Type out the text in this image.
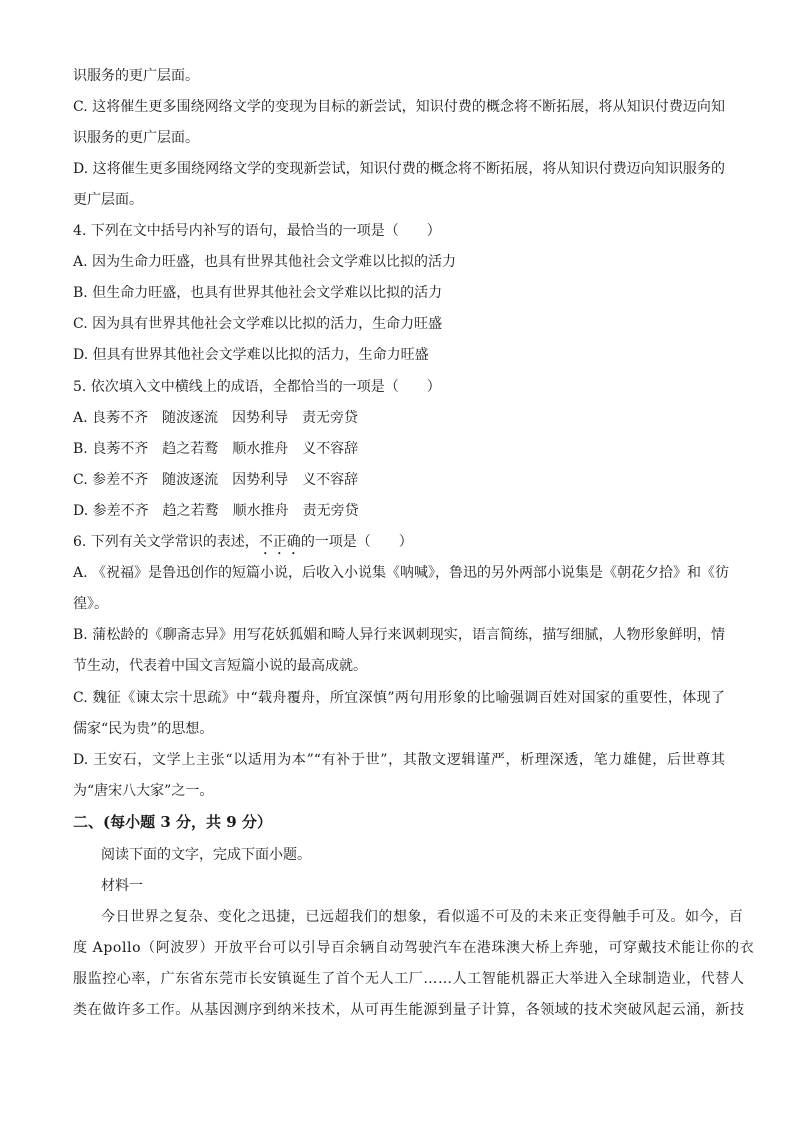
识服务的更广层面。
C. 这将催生更多围绕网络文学的变现为目标的新尝试，知识付费的概念将不断拓展，将从知识付费迈向知
识服务的更广层面。
D. 这将催生更多围绕网络文学的变现新尝试，知识付费的概念将不断拓展，将从知识付费迈向知识服务的
更广层面。
4. 下列在文中括号内补写的语句，最恰当的一项是（　　）
A. 因为生命力旺盛，也具有世界其他社会文学难以比拟的活力
B. 但生命力旺盛，也具有世界其他社会文学难以比拟的活力
C. 因为具有世界其他社会文学难以比拟的活力，生命力旺盛
D. 但具有世界其他社会文学难以比拟的活力，生命力旺盛
5. 依次填入文中横线上的成语，全都恰当的一项是（　　）
A. 良莠不齐　随波逐流　因势利导　责无旁贷
B. 良莠不齐　趋之若鹜　顺水推舟　义不容辞
C. 参差不齐　随波逐流　因势利导　义不容辞
D. 参差不齐　趋之若鹜　顺水推舟　责无旁贷
6. 下列有关文学常识的表述，不正确的一项是（　　）
A. 《祝福》是鲁迅创作的短篇小说，后收入小说集《呐喊》，鲁迅的另外两部小说集是《朝花夕拾》和《彷
徨》。
B. 蒲松龄的《聊斋志异》用写花妖狐媚和畸人异行来讽刺现实，语言简练，描写细腻，人物形象鲜明，情
节生动，代表着中国文言短篇小说的最高成就。
C. 魏征《谏太宗十思疏》中“载舟覆舟，所宜深慎”两句用形象的比喻强调百姓对国家的重要性，体现了
儒家“民为贵”的思想。
D. 王安石，文学上主张“以适用为本”“有补于世”，其散文逻辑谨严，析理深透，笔力雄健，后世尊其
为“唐宋八大家”之一。
二、(每小题 3 分，共 9 分）
阅读下面的文字，完成下面小题。
材料一
今日世界之复杂、变化之迅捷，已远超我们的想象，看似遥不可及的未来正变得触手可及。如今，百
度 Apollo（阿波罗）开放平台可以引导百余辆自动驾驶汽车在港珠澳大桥上奔驰，可穿戴技术能让你的衣
服监控心率，广东省东莞市长安镇诞生了首个无人工厂……人工智能机器正大举进入全球制造业，代替人
类在做许多工作。从基因测序到纳米技术，从可再生能源到量子计算，各领域的技术突破风起云涌，新技
